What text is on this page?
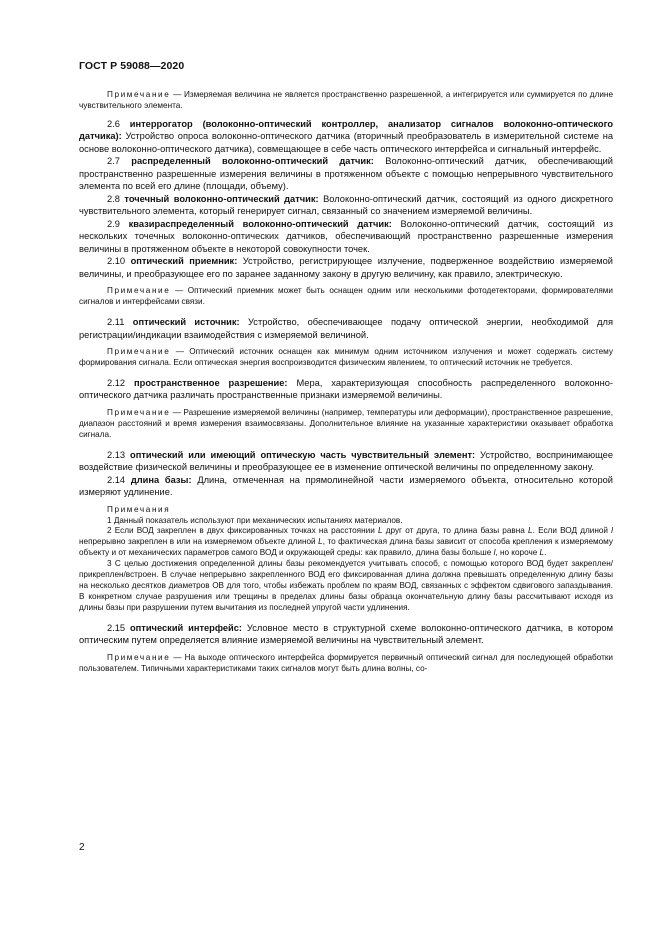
ГОСТ Р 59088—2020

Примечание — Измеряемая величина не является пространственно разрешенной, а интегрируется или суммируется по длине чувствительного элемента.

2.6 интеррогатор (волоконно-оптический контроллер, анализатор сигналов волоконно-оптического датчика): Устройство опроса волоконно-оптического датчика (вторичный преобразователь в измерительной системе на основе волоконно-оптического датчика), совмещающее в себе часть оптического интерфейса и сигнальный интерфейс.

2.7 распределенный волоконно-оптический датчик: Волоконно-оптический датчик, обеспечивающий пространственно разрешенные измерения величины в протяженном объекте с помощью непрерывного чувствительного элемента по всей его длине (площади, объему).

2.8 точечный волоконно-оптический датчик: Волоконно-оптический датчик, состоящий из одного дискретного чувствительного элемента, который генерирует сигнал, связанный со значением измеряемой величины.

2.9 квазираспределенный волоконно-оптический датчик: Волоконно-оптический датчик, состоящий из нескольких точечных волоконно-оптических датчиков, обеспечивающий пространственно разрешенные измерения величины в протяженном объекте в некоторой совокупности точек.

2.10 оптический приемник: Устройство, регистрирующее излучение, подверженное воздействию измеряемой величины, и преобразующее его по заранее заданному закону в другую величину, как правило, электрическую.

Примечание — Оптический приемник может быть оснащен одним или несколькими фотодетекторами, формирователями сигналов и интерфейсами связи.

2.11 оптический источник: Устройство, обеспечивающее подачу оптической энергии, необходимой для регистрации/индикации взаимодействия с измеряемой величиной.

Примечание — Оптический источник оснащен как минимум одним источником излучения и может содержать систему формирования сигнала. Если оптическая энергия воспроизводится физическим явлением, то оптический источник не требуется.

2.12 пространственное разрешение: Мера, характеризующая способность распределенного волоконно-оптического датчика различать пространственные признаки измеряемой величины.

Примечание — Разрешение измеряемой величины (например, температуры или деформации), пространственное разрешение, диапазон расстояний и время измерения взаимосвязаны. Дополнительное влияние на указанные характеристики оказывает обработка сигнала.

2.13 оптический или имеющий оптическую часть чувствительный элемент: Устройство, воспринимающее воздействие физической величины и преобразующее ее в изменение оптической величины по определенному закону.

2.14 длина базы: Длина, отмеченная на прямолинейной части измеряемого объекта, относительно которой измеряют удлинение.

Примечания

1 Данный показатель используют при механических испытаниях материалов.

2 Если ВОД закреплен в двух фиксированных точках на расстоянии L друг от друга, то длина базы равна L. Если ВОД длиной l непрерывно закреплен в или на измеряемом объекте длиной L, то фактическая длина базы зависит от способа крепления к измеряемому объекту и от механических параметров самого ВОД и окружающей среды: как правило, длина базы больше l, но короче L.

3 С целью достижения определенной длины базы рекомендуется учитывать способ, с помощью которого ВОД будет закреплен/прикреплен/встроен. В случае непрерывно закрепленного ВОД его фиксированная длина должна превышать определенную длину базы на несколько десятков диаметров ОВ для того, чтобы избежать проблем по краям ВОД, связанных с эффектом сдвигового запаздывания. В конкретном случае разрушения или трещины в пределах длины базы образца окончательную длину базы рассчитывают исходя из длины базы при разрушении путем вычитания из последней упругой части удлинения.

2.15 оптический интерфейс: Условное место в структурной схеме волоконно-оптического датчика, в котором оптическим путем определяется влияние измеряемой величины на чувствительный элемент.

Примечание — На выходе оптического интерфейса формируется первичный оптический сигнал для последующей обработки пользователем. Типичными характеристиками таких сигналов могут быть длина волны, со-

2
